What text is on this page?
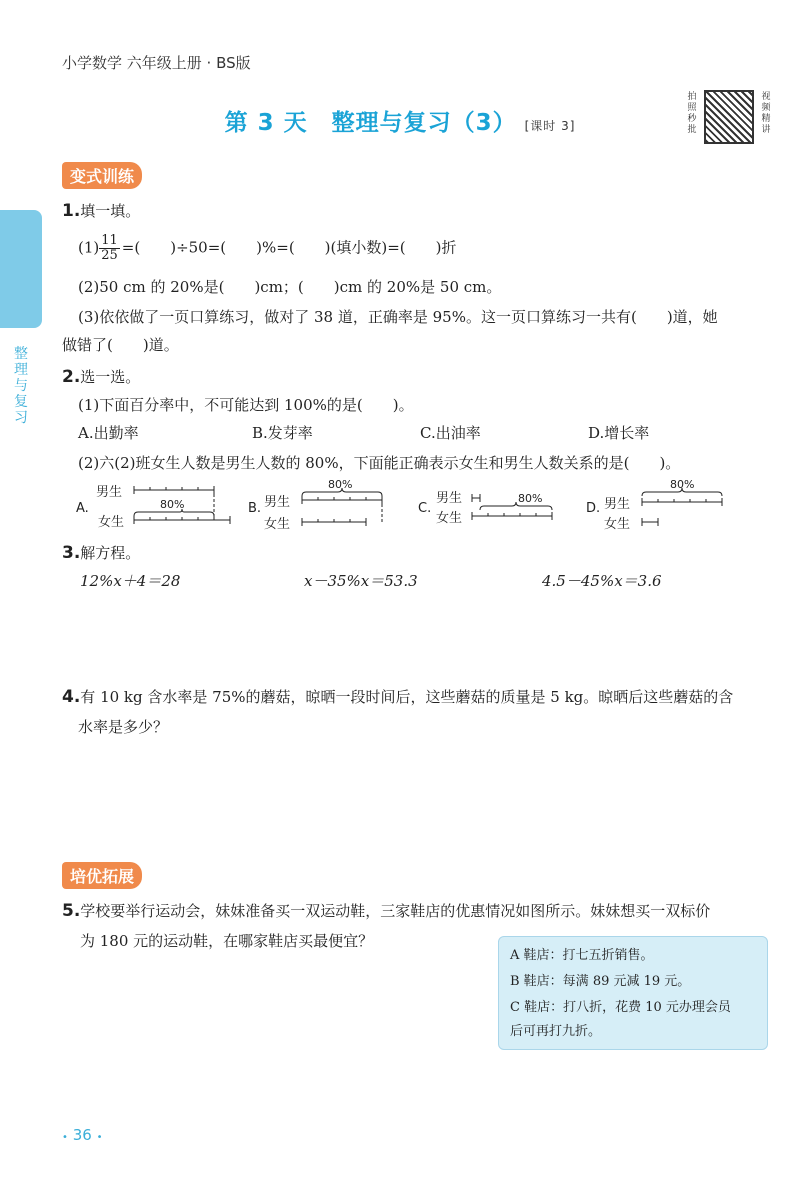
小学数学 六年级上册 · BS版
第 3 天　整理与复习（3） [课时 3]
拍照秒批
视频精讲
整理与复习
变式训练
1.填一填。
$(1) \frac{11}{25}$ =(　　)÷50=(　　)%=(　　)(填小数)=(　　)折
(2)50 cm 的 20%是(　　)cm；(　　)cm 的 20%是 50 cm。
(3)依依做了一页口算练习，做对了 38 道，正确率是 95%。这一页口算练习一共有(　　)道，她
做错了(　　)道。
2.选一选。
(1)下面百分率中，不可能达到 100%的是(　　)。
A.出勤率	B.发芽率	C.出油率	D.增长率
(2)六(2)班女生人数是男生人数的 80%，下面能正确表示女生和男生人数关系的是(　　)。
A.
男生
女生
80%	B. 男生
女生
80%
C.
男生
女生
80%
D. 男生
女生
80%
3.解方程。
12%x＋4＝28	x－35%x＝53.3	4.5－45%x＝3.6
4.有 10 kg 含水率是 75%的蘑菇，晾晒一段时间后，这些蘑菇的质量是 5 kg。晾晒后这些蘑菇的含
水率是多少？
培优拓展
5.学校要举行运动会，妹妹准备买一双运动鞋，三家鞋店的优惠情况如图所示。妹妹想买一双标价
为 180 元的运动鞋，在哪家鞋店买最便宜？
A 鞋店：打七五折销售。
B 鞋店：每满 89 元减 19 元。
C 鞋店：打八折，花费 10 元办理会员
后可再打九折。
• 36 •
